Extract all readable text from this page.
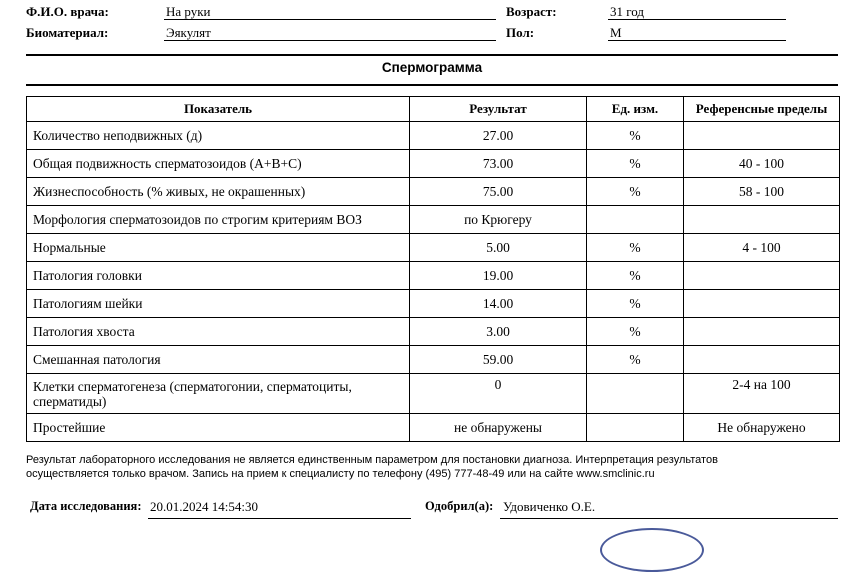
Ф.И.О. врача:	На руки	Возраст:	31 год
Биоматериал:	Эякулят	Пол:	М
Спермограмма
Показатель	Результат	Ед. изм.	Референсные пределы
Количество неподвижных (д)	27.00	%	
Общая подвижность сперматозоидов (A+B+C)	73.00	%	40 - 100
Жизнеспособность (% живых, не окрашенных)	75.00	%	58 - 100
Морфология сперматозоидов по строгим критериям ВОЗ	по Крюгеру		
Нормальные	5.00	%	4 - 100
Патология головки	19.00	%	
Патологиям шейки	14.00	%	
Патология хвоста	3.00	%	
Смешанная патология	59.00	%	
Клетки сперматогенеза (сперматогонии, сперматоциты, сперматиды)	0		2-4 на 100
Простейшие	не обнаружены		Не обнаружено
Результат лабораторного исследования не является единственным параметром для постановки диагноза. Интерпретация результатов
осуществляется только врачом. Запись на прием к специалисту по телефону (495) 777-48-49 или на сайте www.smclinic.ru
Дата исследования: 20.01.2024 14:54:30	Одобрил(а): Удовиченко О.Е.
